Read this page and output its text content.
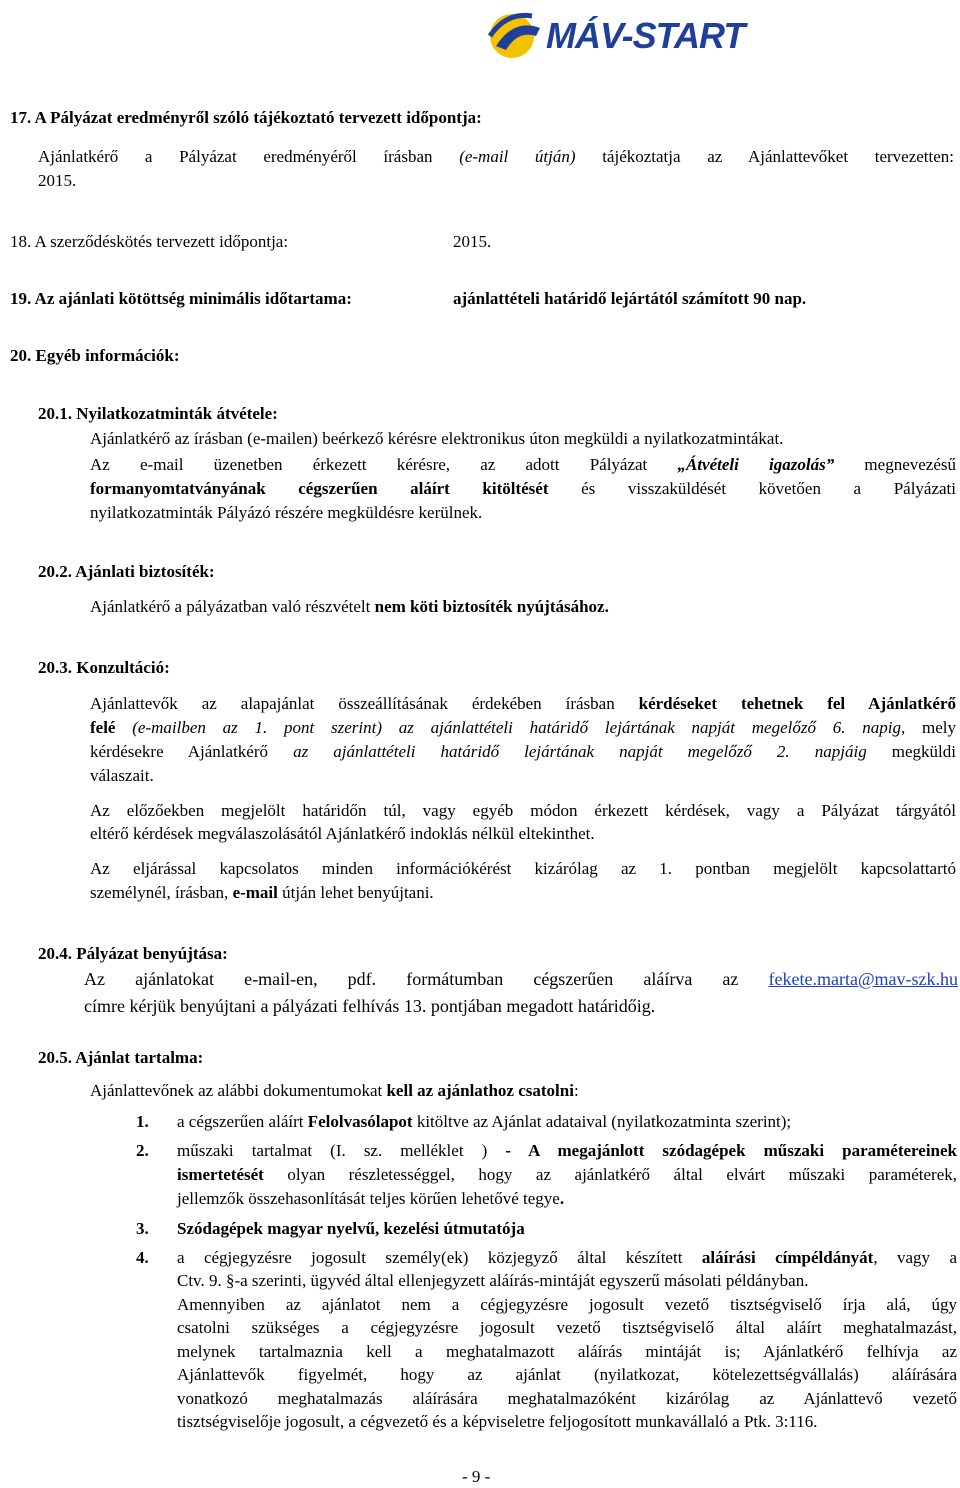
MÁV-START
17. A Pályázat eredményről szóló tájékoztató tervezett időpontja:
Ajánlatkérő a Pályázat eredményéről írásban (e-mail útján) tájékoztatja az Ajánlattevőket tervezetten:
2015.
18. A szerződéskötés tervezett időpontja:	2015.
19. Az ajánlati kötöttség minimális időtartama:	ajánlattételi határidő lejártától számított 90 nap.
20. Egyéb információk:
20.1. Nyilatkozatminták átvétele:
Ajánlatkérő az írásban (e-mailen) beérkező kérésre elektronikus úton megküldi a nyilatkozatmintákat.
Az e-mail üzenetben érkezett kérésre, az adott Pályázat „Átvételi igazolás” megnevezésű
formanyomtatványának cégszerűen aláírt kitöltését és visszaküldését követően a Pályázati
nyilatkozatminták Pályázó részére megküldésre kerülnek.
20.2. Ajánlati biztosíték:
Ajánlatkérő a pályázatban való részvételt nem köti biztosíték nyújtásához.
20.3. Konzultáció:
Ajánlattevők az alapajánlat összeállításának érdekében írásban kérdéseket tehetnek fel Ajánlatkérő
felé (e-mailben az 1. pont szerint) az ajánlattételi határidő lejártának napját megelőző 6. napig, mely
kérdésekre Ajánlatkérő az ajánlattételi határidő lejártának napját megelőző 2. napjáig megküldi
válaszait.
Az előzőekben megjelölt határidőn túl, vagy egyéb módon érkezett kérdések, vagy a Pályázat tárgyától
eltérő kérdések megválaszolásától Ajánlatkérő indoklás nélkül eltekinthet.
Az eljárással kapcsolatos minden információkérést kizárólag az 1. pontban megjelölt kapcsolattartó
személynél, írásban, e-mail útján lehet benyújtani.
20.4. Pályázat benyújtása:
Az ajánlatokat e-mail-en, pdf. formátumban cégszerűen aláírva az fekete.marta@mav-szk.hu
címre kérjük benyújtani a pályázati felhívás 13. pontjában megadott határidőig.
20.5. Ajánlat tartalma:
Ajánlattevőnek az alábbi dokumentumokat kell az ajánlathoz csatolni:
1. a cégszerűen aláírt Felolvasólapot kitöltve az Ajánlat adataival (nyilatkozatminta szerint);
2. műszaki tartalmat (I. sz. melléklet ) - A megajánlott szódagépek műszaki paramétereinek
ismertetését olyan részletességgel, hogy az ajánlatkérő által elvárt műszaki paraméterek,
jellemzők összehasonlítását teljes körűen lehetővé tegye.
3. Szódagépek magyar nyelvű, kezelési útmutatója
4. a cégjegyzésre jogosult személy(ek) közjegyző által készített aláírási címpéldányát, vagy a
Ctv. 9. §-a szerinti, ügyvéd által ellenjegyzett aláírás-mintáját egyszerű másolati példányban.
Amennyiben az ajánlatot nem a cégjegyzésre jogosult vezető tisztségviselő írja alá, úgy
csatolni szükséges a cégjegyzésre jogosult vezető tisztségviselő által aláírt meghatalmazást,
melynek tartalmaznia kell a meghatalmazott aláírás mintáját is; Ajánlatkérő felhívja az
Ajánlattevők figyelmét, hogy az ajánlat (nyilatkozat, kötelezettségvállalás) aláírására
vonatkozó meghatalmazás aláírására meghatalmazóként kizárólag az Ajánlattevő vezető
tisztségviselője jogosult, a cégvezető és a képviseletre feljogosított munkavállaló a Ptk. 3:116.
- 9 -
